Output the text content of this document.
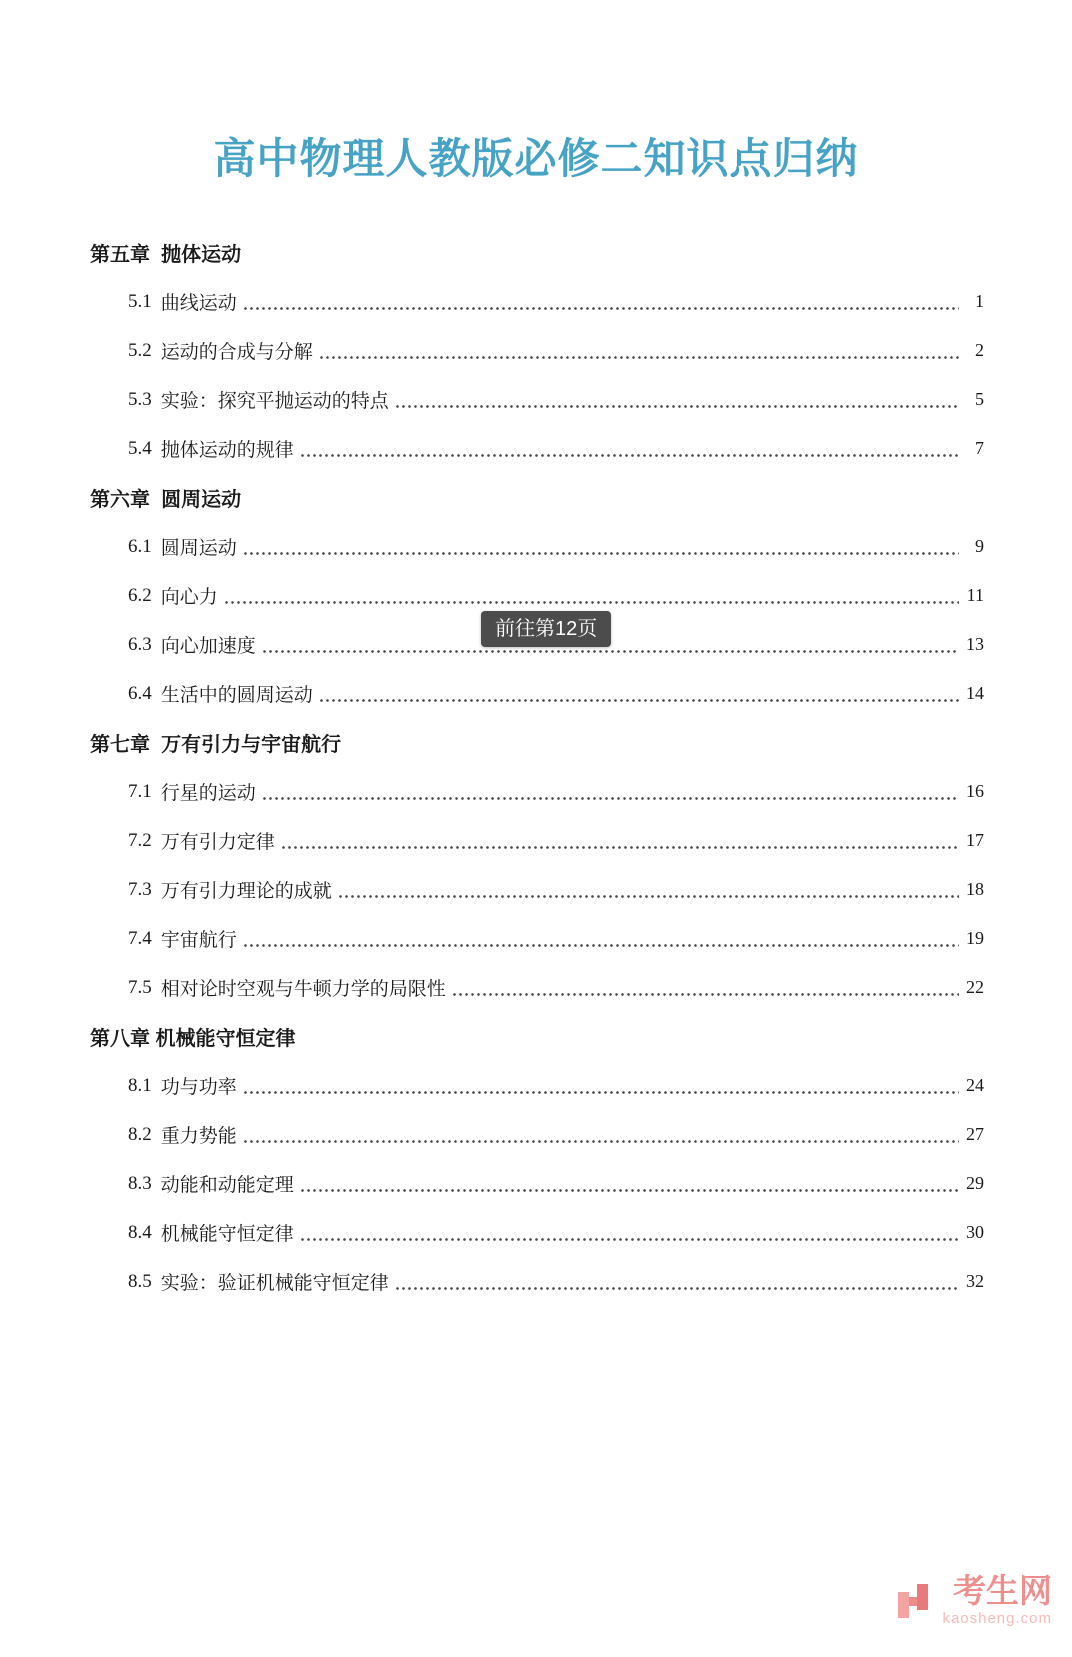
高中物理人教版必修二知识点归纳
第五章  抛体运动
5.1 曲线运动	1
5.2 运动的合成与分解	2
5.3 实验：探究平抛运动的特点	5
5.4 抛体运动的规律	7
第六章  圆周运动
6.1 圆周运动	9
6.2 向心力	11
6.3 向心加速度	13
6.4 生活中的圆周运动	14
第七章  万有引力与宇宙航行
7.1 行星的运动	16
7.2 万有引力定律	17
7.3 万有引力理论的成就	18
7.4 宇宙航行	19
7.5 相对论时空观与牛顿力学的局限性	22
第八章 机械能守恒定律
8.1 功与功率	24
8.2 重力势能	27
8.3 动能和动能定理	29
8.4 机械能守恒定律	30
8.5 实验：验证机械能守恒定律	32
前往第12页
考生网
kaosheng.com
